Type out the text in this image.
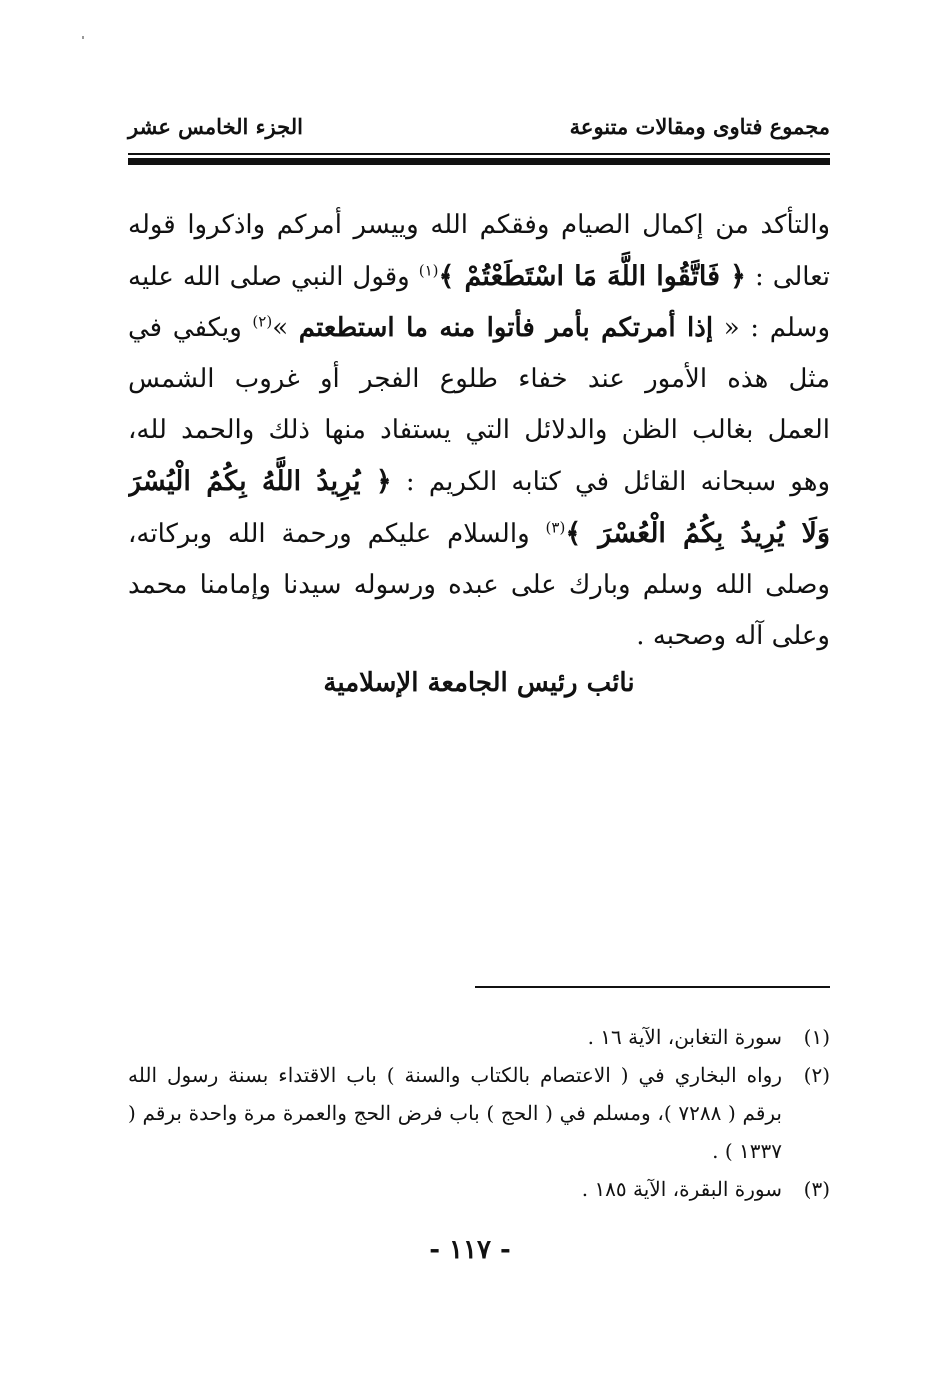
مجموع فتاوى ومقالات متنوعة
الجزء الخامس عشر
والتأكد من إكمال الصيام وفقكم الله وييسر أمركم واذكروا قوله
تعالى : ﴿ فَاتَّقُوا اللَّهَ مَا اسْتَطَعْتُمْ ﴾$^{(١)}$ وقول النبي صلى الله عليه
وسلم : « إذا أمرتكم بأمر فأتوا منه ما استطعتم »$^{(٢)}$ ويكفي في
مثل هذه الأمور عند خفاء طلوع الفجر أو غروب الشمس
العمل بغالب الظن والدلائل التي يستفاد منها ذلك والحمد لله،
وهو سبحانه القائل في كتابه الكريم : ﴿ يُرِيدُ اللَّهُ بِكُمُ الْيُسْرَ
وَلَا يُرِيدُ بِكُمُ الْعُسْرَ ﴾$^{(٣)}$ والسلام عليكم ورحمة الله وبركاته،
وصلى الله وسلم وبارك على عبده ورسوله سيدنا وإمامنا محمد
وعلى آله وصحبه .
نائب رئيس الجامعة الإسلامية
(١)
سورة التغابن، الآية ١٦ .
(٢)
رواه البخاري في ( الاعتصام بالكتاب والسنة ) باب الاقتداء بسنة رسول الله برقم ( ٧٢٨٨ )، ومسلم في ( الحج ) باب فرض الحج والعمرة مرة واحدة برقم ( ١٣٣٧ ) .
(٣)
سورة البقرة، الآية ١٨٥ .
- ١١٧ -
